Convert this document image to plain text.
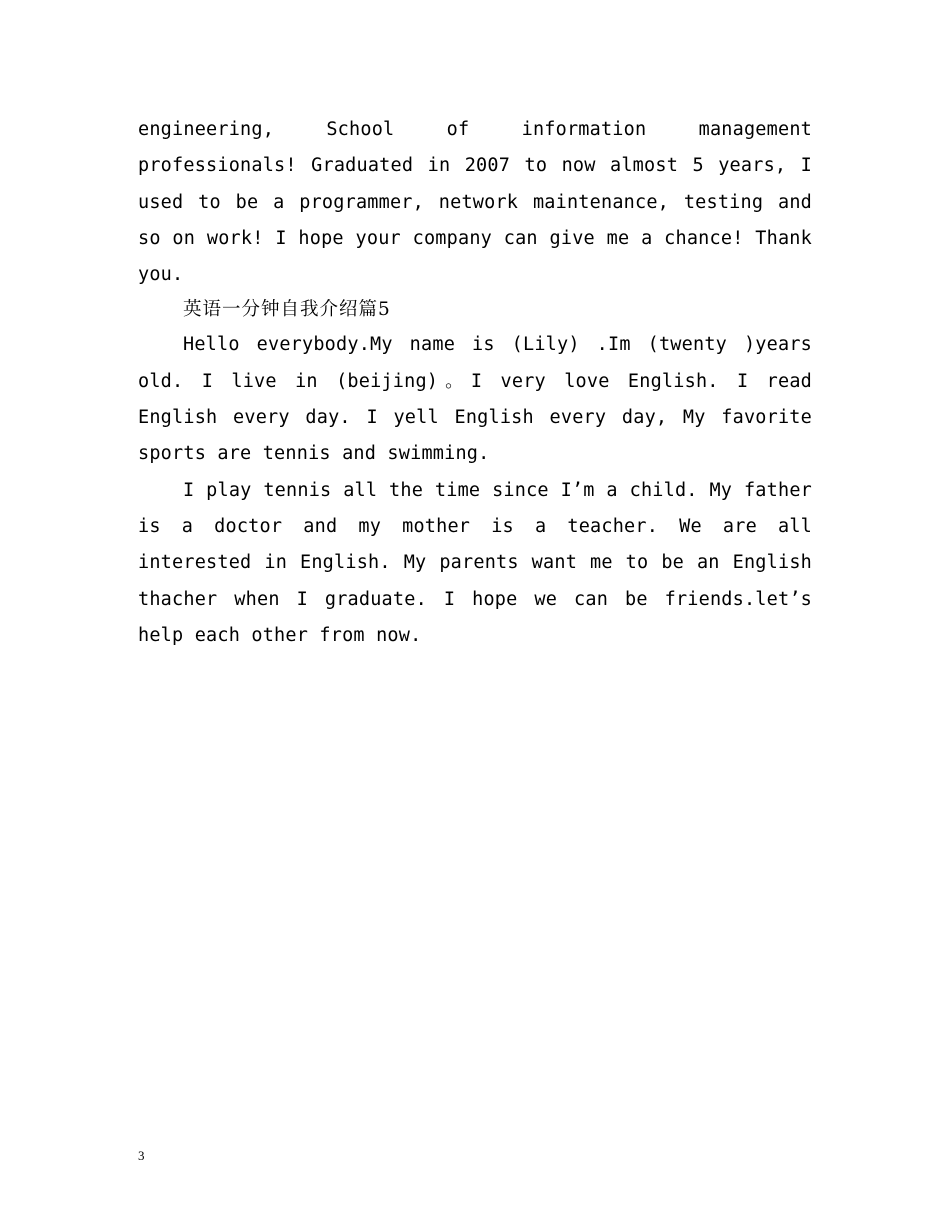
engineering, School of information management professionals! Graduated in 2007 to now almost 5 years, I used to be a programmer, network maintenance, testing and so on work! I hope your company can give me a chance! Thank you.

英语一分钟自我介绍篇5

Hello everybody.My name is (Lily) .Im (twenty )years old. I live in (beijing)。I very love English. I read English every day. I yell English every day, My favorite sports are tennis and swimming.

I play tennis all the time since I’m a child. My father is a doctor and my mother is a teacher. We are all interested in English. My parents want me to be an English thacher when I graduate. I hope we can be friends.let’s help each other from now.

3
